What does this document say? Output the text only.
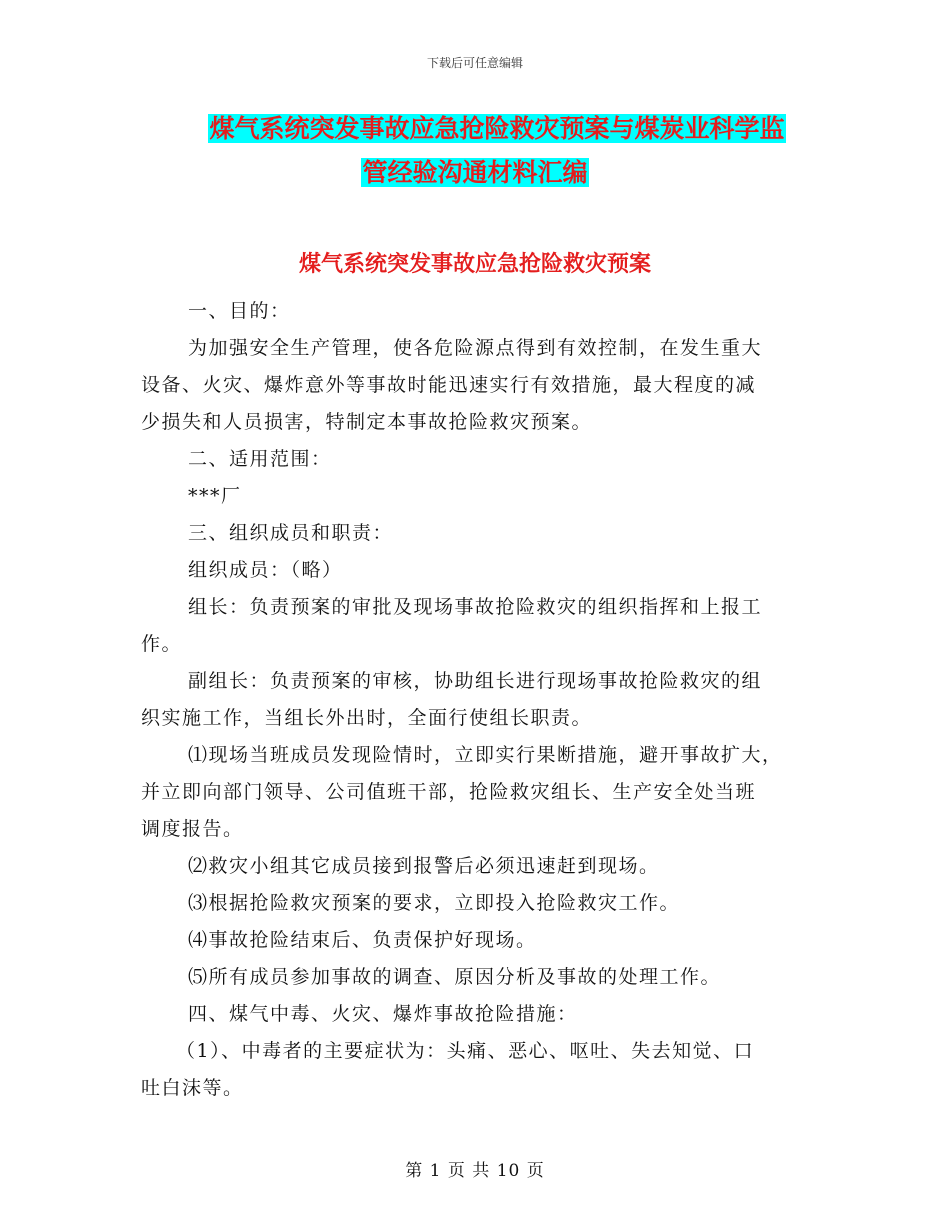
下载后可任意编辑
煤气系统突发事故应急抢险救灾预案与煤炭业科学监
管经验沟通材料汇编
煤气系统突发事故应急抢险救灾预案
一、目的：
为加强安全生产管理，使各危险源点得到有效控制，在发生重大
设备、火灾、爆炸意外等事故时能迅速实行有效措施，最大程度的减
少损失和人员损害，特制定本事故抢险救灾预案。
二、适用范围：
***厂
三、组织成员和职责：
组织成员：（略）
组长：负责预案的审批及现场事故抢险救灾的组织指挥和上报工
作。
副组长：负责预案的审核，协助组长进行现场事故抢险救灾的组
织实施工作，当组长外出时，全面行使组长职责。
⑴现场当班成员发现险情时，立即实行果断措施，避开事故扩大，
并立即向部门领导、公司值班干部，抢险救灾组长、生产安全处当班
调度报告。
⑵救灾小组其它成员接到报警后必须迅速赶到现场。
⑶根据抢险救灾预案的要求，立即投入抢险救灾工作。
⑷事故抢险结束后、负责保护好现场。
⑸所有成员参加事故的调查、原因分析及事故的处理工作。
四、煤气中毒、火灾、爆炸事故抢险措施：
（1）、中毒者的主要症状为：头痛、恶心、呕吐、失去知觉、口
吐白沫等。
第 1 页 共 10 页
